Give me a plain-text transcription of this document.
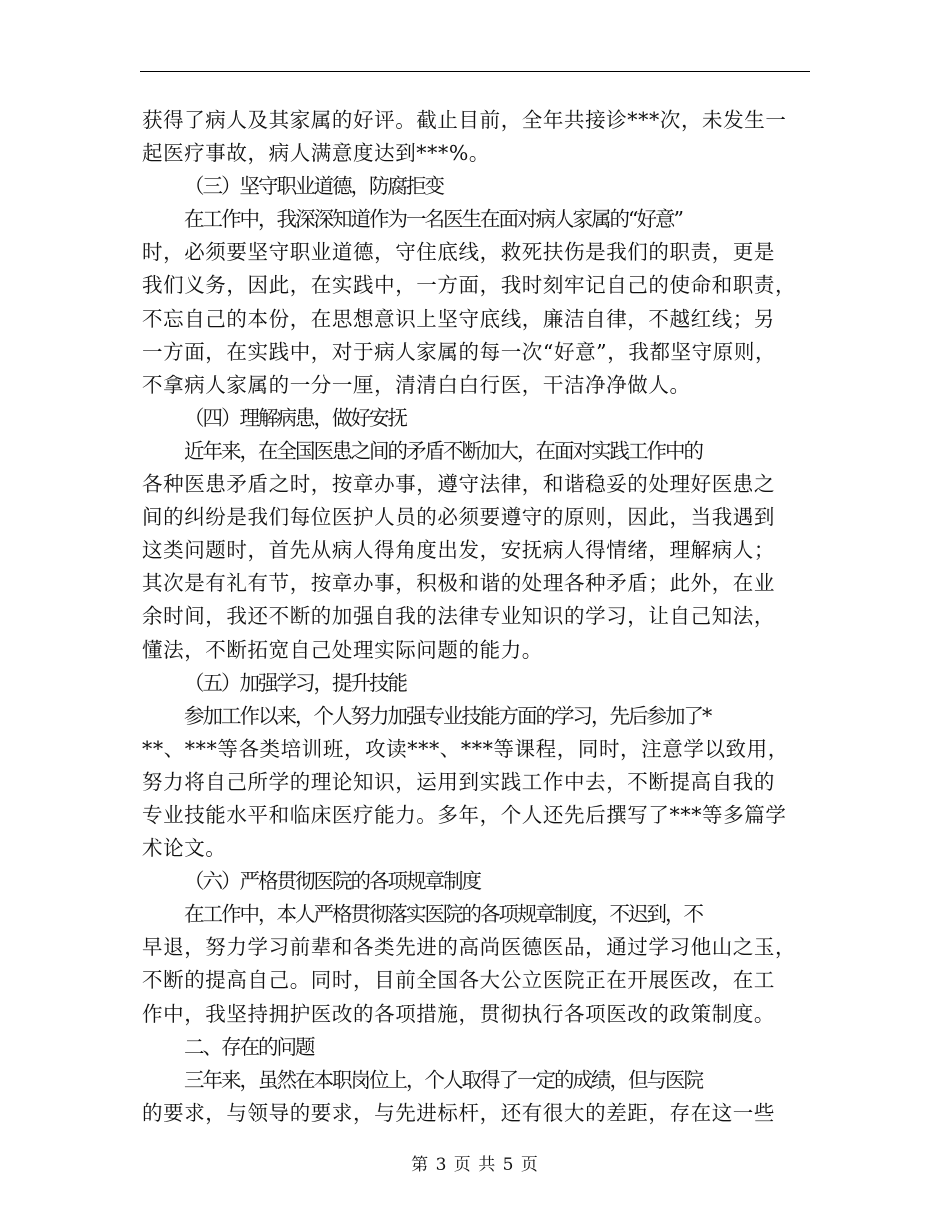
获得了病人及其家属的好评。截止目前，全年共接诊***次，未发生一
起医疗事故，病人满意度达到***%。
（三）坚守职业道德，防腐拒变
在工作中，我深深知道作为一名医生在面对病人家属的“好意”
时，必须要坚守职业道德，守住底线，救死扶伤是我们的职责，更是
我们义务，因此，在实践中，一方面，我时刻牢记自己的使命和职责，
不忘自己的本份，在思想意识上坚守底线，廉洁自律，不越红线；另
一方面，在实践中，对于病人家属的每一次“好意”，我都坚守原则，
不拿病人家属的一分一厘，清清白白行医，干洁净净做人。
（四）理解病患，做好安抚
近年来，在全国医患之间的矛盾不断加大，在面对实践工作中的
各种医患矛盾之时，按章办事，遵守法律，和谐稳妥的处理好医患之
间的纠纷是我们每位医护人员的必须要遵守的原则，因此，当我遇到
这类问题时，首先从病人得角度出发，安抚病人得情绪，理解病人；
其次是有礼有节，按章办事，积极和谐的处理各种矛盾；此外，在业
余时间，我还不断的加强自我的法律专业知识的学习，让自己知法，
懂法，不断拓宽自己处理实际问题的能力。
（五）加强学习，提升技能
参加工作以来，个人努力加强专业技能方面的学习，先后参加了*
**、***等各类培训班，攻读***、***等课程，同时，注意学以致用，
努力将自己所学的理论知识，运用到实践工作中去，不断提高自我的
专业技能水平和临床医疗能力。多年，个人还先后撰写了***等多篇学
术论文。
（六）严格贯彻医院的各项规章制度
在工作中，本人严格贯彻落实医院的各项规章制度，不迟到，不
早退，努力学习前辈和各类先进的高尚医德医品，通过学习他山之玉，
不断的提高自己。同时，目前全国各大公立医院正在开展医改，在工
作中，我坚持拥护医改的各项措施，贯彻执行各项医改的政策制度。
二、存在的问题
三年来，虽然在本职岗位上，个人取得了一定的成绩，但与医院
的要求，与领导的要求，与先进标杆，还有很大的差距，存在这一些
第 3 页 共 5 页
